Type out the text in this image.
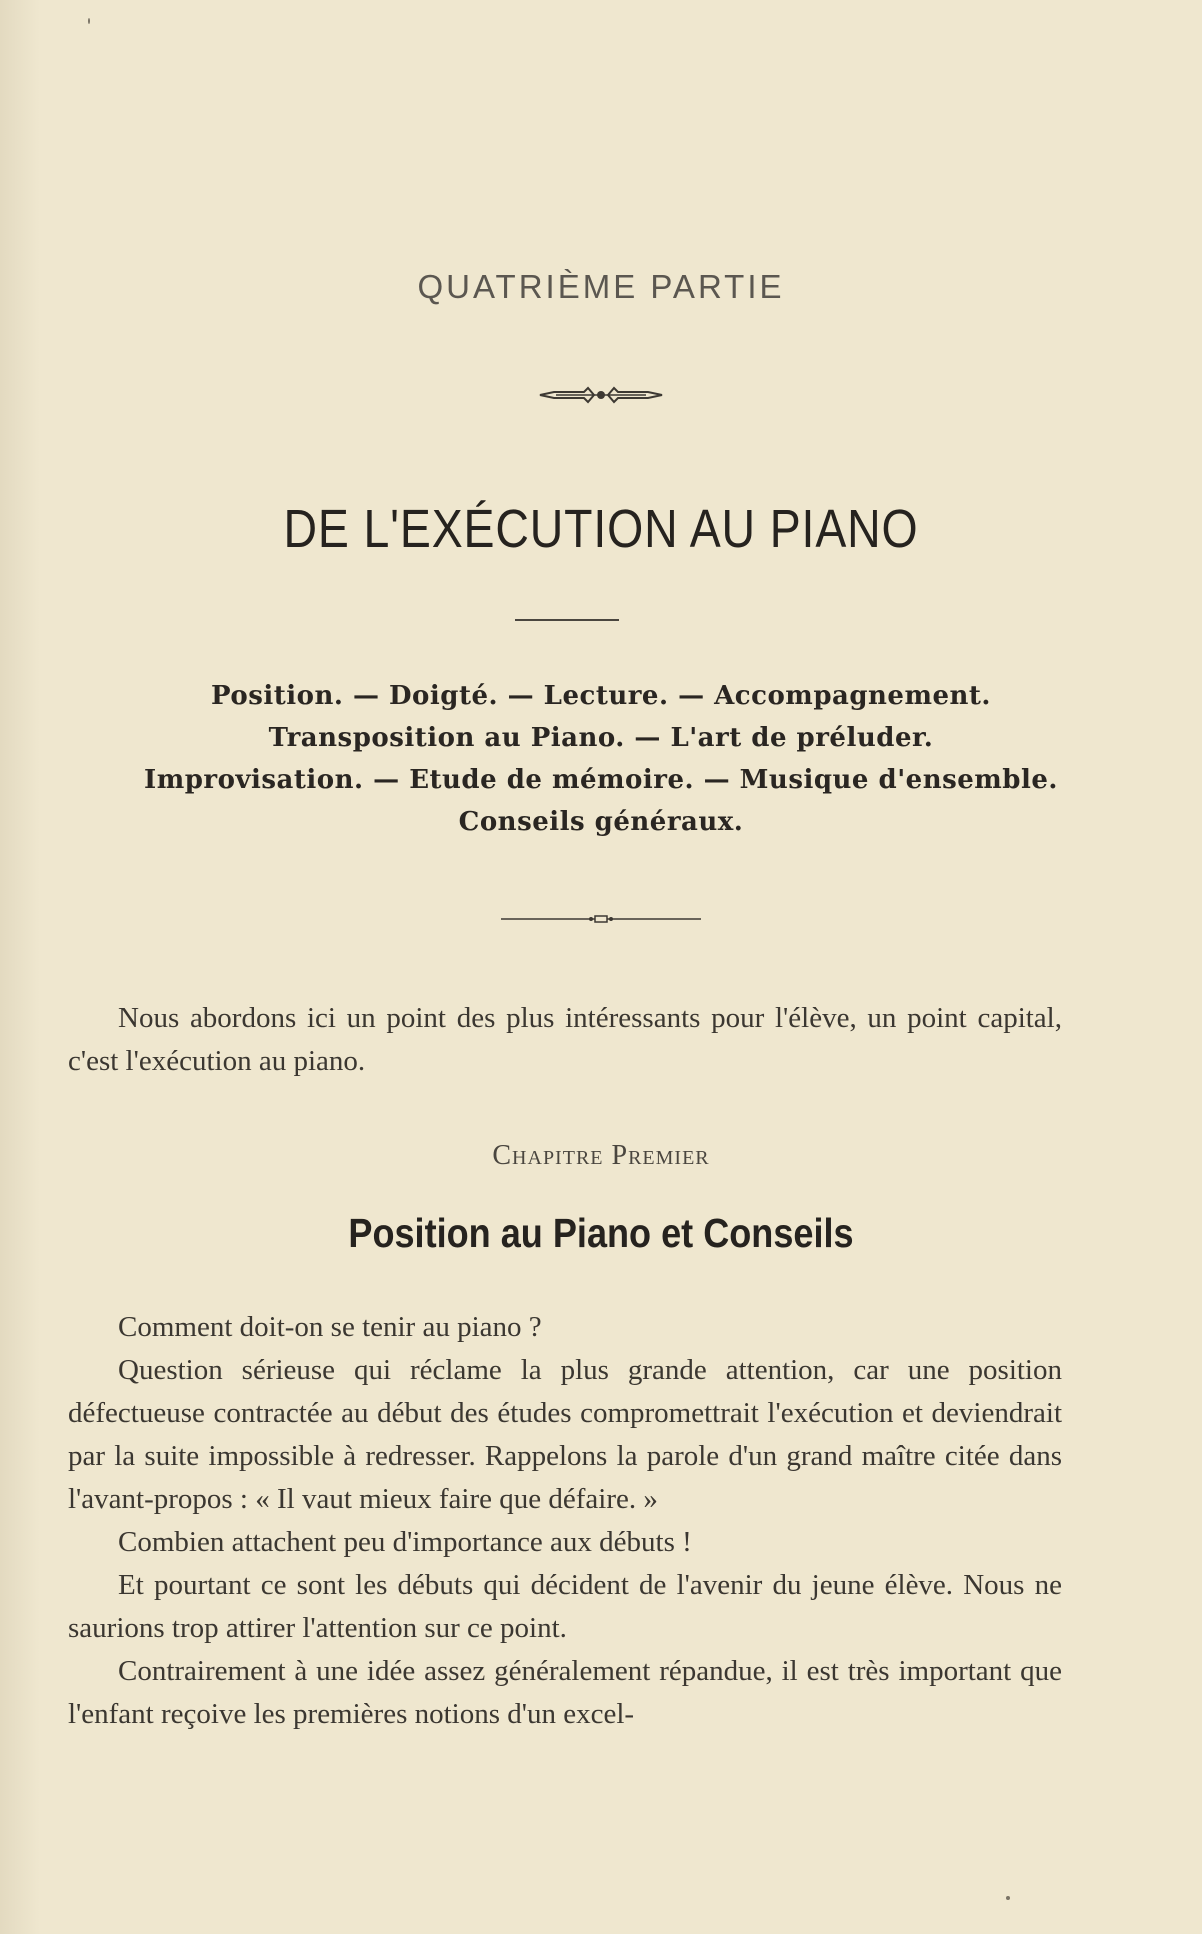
QUATRIÈME PARTIE
DE L'EXÉCUTION AU PIANO
Position. — Doigté. — Lecture. — Accompagnement.
Transposition au Piano. — L'art de préluder.
Improvisation. — Etude de mémoire. — Musique d'ensemble.
Conseils généraux.

Nous abordons ici un point des plus intéressants pour l'élève, un point capital, c'est l'exécution au piano.

Chapitre Premier
Position au Piano et Conseils

Comment doit-on se tenir au piano ?

Question sérieuse qui réclame la plus grande attention, car une position défectueuse contractée au début des études compromettrait l'exécution et deviendrait par la suite impossible à redresser. Rappelons la parole d'un grand maître citée dans l'avant-propos : « Il vaut mieux faire que défaire. »

Combien attachent peu d'importance aux débuts !

Et pourtant ce sont les débuts qui décident de l'avenir du jeune élève. Nous ne saurions trop attirer l'attention sur ce point.

Contrairement à une idée assez généralement répandue, il est très important que l'enfant reçoive les premières notions d'un excel-
